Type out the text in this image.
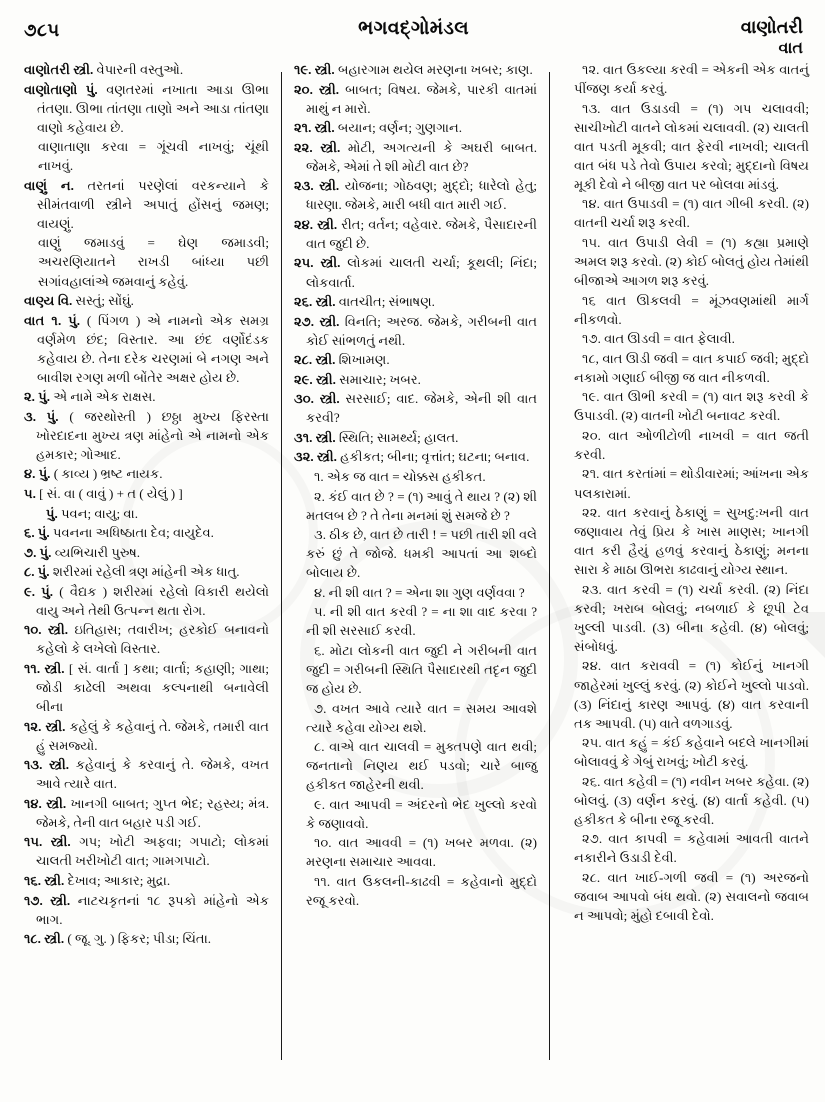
૭૮૫	ભગવદ્ગોમંડલ	વાણોતરી
વાત

વાણોતરી સ્ત્રી. વેપારની વસ્તુઓ.

વાણોતાણો પું. વણતરમાં નખાતા આડા ઊભા તંતણા. ઊભા તાંતણા તાણો અને આડા તાંતણા વાણો કહેવાય છે.

વાણાતાણા કરવા = ગૂંચવી નાખવું; ચૂંથી નાખવું.

વાણું ન. તરતનાં પરણેલાં વરકન્યાને કે સીમંતવાળી સ્ત્રીને અપાતું હોંસનું જમણ; વાયણું.

વાણું જમાડવું = ઘેણ જમાડવી; અચરણિયાતને રાખડી બાંધ્યા પછી સગાંવહાલાંએ જમવાનું કહેવું.

વાણ્ય વિ. સસ્તું; સોંઘું.

વાત ૧. પું. ( પિંગળ ) એ નામનો એક સમગ્ર વર્ણમેળ છંદ; વિસ્તાર. આ છંદ વર્ણોદંડક કહેવાય છે. તેના દરેક ચરણમાં બે નગણ અને બાવીશ રગણ મળી બોંતેર અક્ષર હોય છે.

૨. પું. એ નામે એક રાક્ષસ.

૩. પું. ( જરથોસ્તી ) છઠ્ઠા મુખ્ય ફિરસ્તા ખોરદાદના મુખ્ય ત્રણ માંહેનો એ નામનો એક હમકાર; ગોઆદ.

૪. પું. ( કાવ્ય ) ભ્રષ્ટ નાયક.

૫. [ સં. વા ( વાવું ) + ત ( યેલું ) ]

પું. પવન; વાયુ; વા.

૬. પું. પવનના અધિષ્ઠાતા દેવ; વાયુદેવ.

૭. પું. વ્યભિચારી પુરુષ.

૮. પું. શરીરમાં રહેલી ત્રણ માંહેની એક ધાતુ.

૯. પું. ( વૈદ્યક ) શરીરમાં રહેલો વિકારી થયેલો વાયુ અને તેથી ઉત્પન્ન થતા રોગ.

૧૦. સ્ત્રી. ઇતિહાસ; તવારીખ; હરકોઈ બનાવનો કહેલો કે લખેલો વિસ્તાર.

૧૧. સ્ત્રી. [ સં. વાર્તા ] કથા; વાર્તા; કહાણી; ગાથા; જોડી કાઢેલી અથવા કલ્પનાથી બનાવેલી બીના

૧૨. સ્ત્રી. કહેલું કે કહેવાનું તે. જેમકે, તમારી વાત હું સમજ્યો.

૧૩. સ્ત્રી. કહેવાનું કે કરવાનું તે. જેમકે, વખત આવે ત્યારે વાત.

૧૪. સ્ત્રી. ખાનગી બાબત; ગુપ્ત ભેદ; રહસ્ય; મંત્ર. જેમકે, તેની વાત બહાર પડી ગઈ.

૧૫. સ્ત્રી. ગપ; ખોટી અફવા; ગપાટો; લોકમાં ચાલતી ખરીખોટી વાત; ગામગપાટો.

૧૬. સ્ત્રી. દેખાવ; આકાર; મુદ્રા.

૧૭. સ્ત્રી. નાટચકૃતનાં ૧૮ રૂપકો માંહેનો એક ભાગ.

૧૮. સ્ત્રી. ( જૂ. ગુ. ) ફિકર; પીડા; ચિંતા.

૧૯. સ્ત્રી. બહારગામ થયેલ મરણના ખબર; કાણ.

૨૦. સ્ત્રી. બાબત; વિષય. જેમકે, પારકી વાતમાં માથું ન મારો.

૨૧. સ્ત્રી. બયાન; વર્ણન; ગુણગાન.

૨૨. સ્ત્રી. મોટી, અગત્યની કે અઘરી બાબત. જેમકે, એમાં તે શી મોટી વાત છે?

૨૩. સ્ત્રી. યોજના; ગોઠવણ; મુદ્દો; ધારેલો હેતુ; ધારણા. જેમકે, મારી બધી વાત મારી ગઈ.

૨૪. સ્ત્રી. રીત; વર્તન; વહેવાર. જેમકે, પૈસાદારની વાત જુદી છે.

૨૫. સ્ત્રી. લોકમાં ચાલતી ચર્ચા; કૂથલી; નિંદા; લોકવાર્તા.

૨૬. સ્ત્રી. વાતચીત; સંભાષણ.

૨૭. સ્ત્રી. વિનતિ; અરજ. જેમકે, ગરીબની વાત કોઈ સાંભળતું નથી.

૨૮. સ્ત્રી. શિખામણ.

૨૯. સ્ત્રી. સમાચાર; ખબર.

૩૦. સ્ત્રી. સરસાઈ; વાદ. જેમકે, એની શી વાત કરવી?

૩૧. સ્ત્રી. સ્થિતિ; સામર્થ્ય; હાલત.

૩૨. સ્ત્રી. હકીકત; બીના; વૃત્તાંત; ઘટના; બનાવ.

૧. એક જ વાત = ચોક્કસ હકીકત.

૨. કંઈ વાત છે ? = (૧) આવું તે થાય ? (૨) શી મતલબ છે ? તે તેના મનમાં શું સમજે છે ?

૩. ઠીક છે, વાત છે તારી ! = પછી તારી શી વલે કરું છું તે જોજે. ધમકી આપતાં આ શબ્દો બોલાય છે.

૪. ની શી વાત ? = એના શા ગુણ વર્ણવવા ?

૫. ની શી વાત કરવી ? = ના શા વાદ કરવા ? ની શી સરસાઈ કરવી.

૬. મોટા લોકની વાત જુદી ને ગરીબની વાત જુદી = ગરીબની સ્થિતિ પૈસાદારથી તદૃન જુદી જ હોય છે.

૭. વખત આવે ત્યારે વાત = સમય આવશે ત્યારે કહેવા યોગ્ય થશે.

૮. વાએ વાત ચાલવી = મુક્તપણે વાત થવી; જનતાનો નિણય થઈ પડવો; ચારે બાજુ હકીકત જાહેરની થવી.

૯. વાત આપવી = અંદરનો ભેદ ખુલ્લો કરવો કે જણાવવો.

૧૦. વાત આવવી = (૧) ખબર મળવા. (૨) મરણના સમાચાર આવવા.

૧૧. વાત ઉકલની-કાઢવી = કહેવાનો મુદ્દો રજૂ કરવો.

૧૨. વાત ઉકલ્યા કરવી = એકની એક વાતનું પીંજણ કર્યા કરવું.

૧૩. વાત ઉડાડવી = (૧) ગપ ચલાવવી; સાચીખોટી વાતને લોકમાં ચલાવવી. (૨) ચાલતી વાત પડતી મૂકવી; વાત ફેરવી નાખવી; ચાલતી વાત બંધ પડે તેવો ઉપાય કરવો; મુદ્દાનો વિષય મૂકી દેવો ને બીજી વાત પર બોલવા માંડવું.

૧૪. વાત ઉપાડવી = (૧) વાત ગીબી કરવી. (૨) વાતની ચર્ચા શરૂ કરવી.

૧૫. વાત ઉપાડી લેવી = (૧) કહ્યા પ્રમાણે અમલ શરૂ કરવો. (૨) કોઈ બોલતું હોય તેમાંથી બીજાએ આગળ શરૂ કરવું.

૧૬ વાત ઊકલવી = મૂંઝવણમાંથી માર્ગ નીકળવો.

૧૭. વાત ઊડવી = વાત ફેલાવી.

૧૮, વાત ઊડી જવી = વાત કપાઈ જવી; મુદ્દો નકામો ગણાઈ બીજી જ વાત નીકળવી.

૧૯. વાત ઊભી કરવી = (૧) વાત શરૂ કરવી કે ઉપાડવી. (૨) વાતની ખોટી બનાવટ કરવી.

૨૦. વાત ઓળીટોળી નાખવી = વાત જતી કરવી.

૨૧. વાત કરતાંમાં = થોડીવારમાં; આંખના એક પલકારામાં.

૨૨. વાત કરવાનું ઠેકાણું = સુખદુ:ખની વાત જણાવાય તેવું પ્રિય કે ખાસ માણસ; ખાનગી વાત કરી હૈયું હળવું કરવાનું ઠેકાણું; મનના સારા કે માઠા ઊભરા કાઢવાનું યોગ્ય સ્થાન.

૨૩. વાત કરવી = (૧) ચર્ચા કરવી. (૨) નિંદા કરવી; ખરાબ બોલવું; નબળાઈ કે છૂપી ટેવ ખુલ્લી પાડવી. (૩) બીના કહેવી. (૪) બોલવું; સંબોધવું.

૨૪. વાત કરાવવી = (૧) કોઈનું ખાનગી જાહેરમાં ખુલ્લું કરવું. (૨) કોઈને ખુલ્લો પાડવો. (૩) નિંદાનું કારણ આપવું. (૪) વાત કરવાની તક આપવી. (૫) વાતે વળગાડવું.

૨૫. વાત કહું = કંઈ કહેવાને બદલે ખાનગીમાં બોલાવવું કે ગેબું રાખવું; ખોટી કરવું.

૨૬. વાત કહેવી = (૧) નવીન ખબર કહેવા. (૨) બોલવું. (૩) વર્ણન કરવું. (૪) વાર્તા કહેવી. (૫) હકીકત કે બીના રજૂ કરવી.

૨૭. વાત કાપવી = કહેવામાં આવતી વાતને નકારીને ઉડાડી દેવી.

૨૮. વાત ખાઈ-ગળી જવી = (૧) અરજનો જવાબ આપવો બંધ થવો. (૨) સવાલનો જવાબ ન આપવો; મુંહો દબાવી દેવો.
